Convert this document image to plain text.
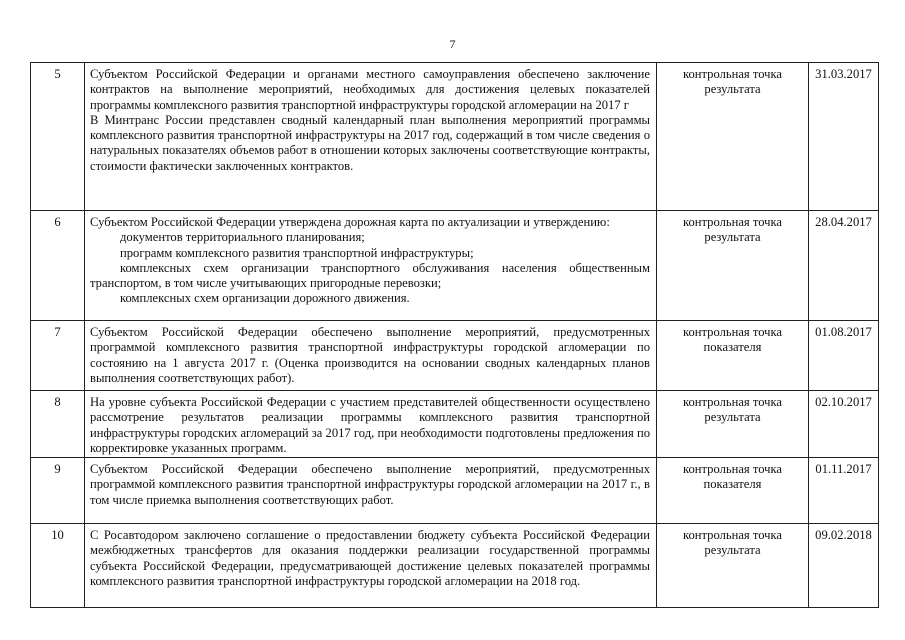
7
5	Субъектом Российской Федерации и органами местного самоуправления обеспечено заключение контрактов на выполнение мероприятий, необходимых для достижения целевых показателей программы комплексного развития транспортной инфраструктуры городской агломерации на 2017 г
В Минтранс России представлен сводный календарный план выполнения мероприятий программы комплексного развития транспортной инфраструктуры на 2017 год, содержащий в том числе сведения о натуральных показателях объемов работ в отношении которых заключены соответствующие контракты, стоимости фактически заключенных контрактов.	контрольная точка результата	31.03.2017
6	Субъектом Российской Федерации утверждена дорожная карта по актуализации и утверждению:
документов территориального планирования;
программ комплексного развития транспортной инфраструктуры;
комплексных схем организации транспортного обслуживания населения общественным транспортом, в том числе учитывающих пригородные перевозки;
комплексных схем организации дорожного движения.	контрольная точка результата	28.04.2017
7	Субъектом Российской Федерации обеспечено выполнение мероприятий, предусмотренных программой комплексного развития транспортной инфраструктуры городской агломерации по состоянию на 1 августа 2017 г. (Оценка производится на основании сводных календарных планов выполнения соответствующих работ).	контрольная точка показателя	01.08.2017
8	На уровне субъекта Российской Федерации с участием представителей общественности осуществлено рассмотрение результатов реализации программы комплексного развития транспортной инфраструктуры городских агломераций за 2017 год, при необходимости подготовлены предложения по корректировке указанных программ.	контрольная точка результата	02.10.2017
9	Субъектом Российской Федерации обеспечено выполнение мероприятий, предусмотренных программой комплексного развития транспортной инфраструктуры городской агломерации на 2017 г., в том числе приемка выполнения соответствующих работ.	контрольная точка показателя	01.11.2017
10	С Росавтодором заключено соглашение о предоставлении бюджету субъекта Российской Федерации межбюджетных трансфертов для оказания поддержки реализации государственной программы субъекта Российской Федерации, предусматривающей достижение целевых показателей программы комплексного развития транспортной инфраструктуры городской агломерации на 2018 год.	контрольная точка результата	09.02.2018
